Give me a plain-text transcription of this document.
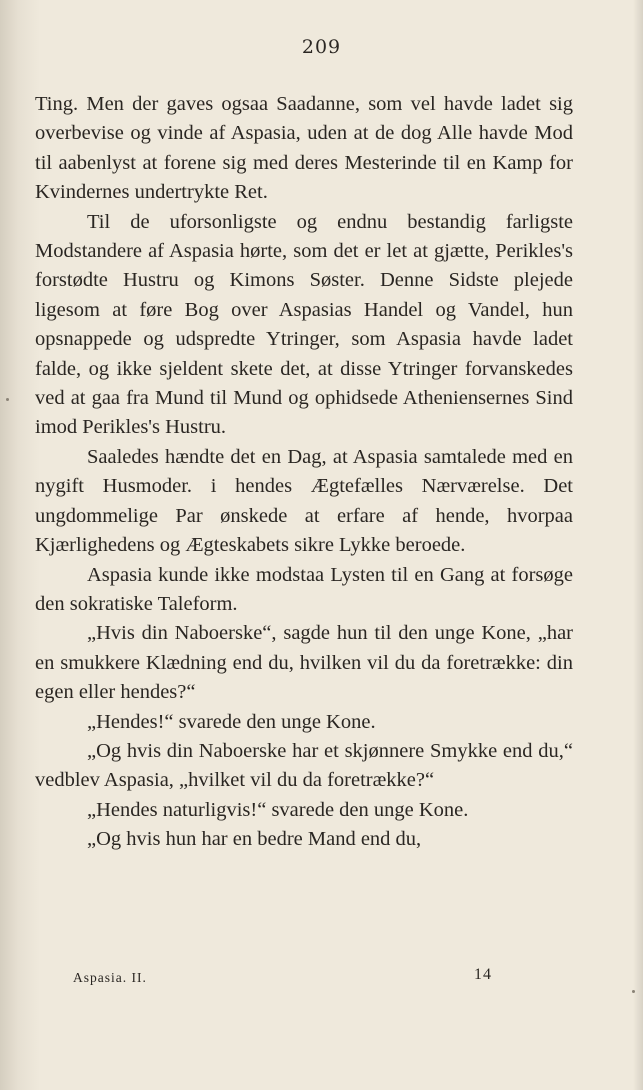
209

Ting. Men der gaves ogsaa Saadanne, som vel havde ladet sig overbevise og vinde af Aspasia, uden at de dog Alle havde Mod til aabenlyst at forene sig med deres Mesterinde til en Kamp for Kvindernes undertrykte Ret.

Til de uforsonligste og endnu bestandig farligste Modstandere af Aspasia hørte, som det er let at gjætte, Perikles's forstødte Hustru og Kimons Søster. Denne Sidste plejede ligesom at føre Bog over Aspasias Handel og Vandel, hun opsnappede og udspredte Ytringer, som Aspasia havde ladet falde, og ikke sjeldent skete det, at disse Ytringer forvanskedes ved at gaa fra Mund til Mund og ophidsede Atheniensernes Sind imod Perikles's Hustru.

Saaledes hændte det en Dag, at Aspasia samtalede med en nygift Husmoder. i hendes Ægtefælles Nærværelse. Det ungdommelige Par ønskede at erfare af hende, hvorpaa Kjærlighedens og Ægteskabets sikre Lykke beroede.

Aspasia kunde ikke modstaa Lysten til en Gang at forsøge den sokratiske Taleform.

„Hvis din Naboerske“, sagde hun til den unge Kone, „har en smukkere Klædning end du, hvilken vil du da foretrække: din egen eller hendes?“

„Hendes!“ svarede den unge Kone.

„Og hvis din Naboerske har et skjønnere Smykke end du,“ vedblev Aspasia, „hvilket vil du da foretrække?“

„Hendes naturligvis!“ svarede den unge Kone.

„Og hvis hun har en bedre Mand end du,

Aspasia. II.	14
